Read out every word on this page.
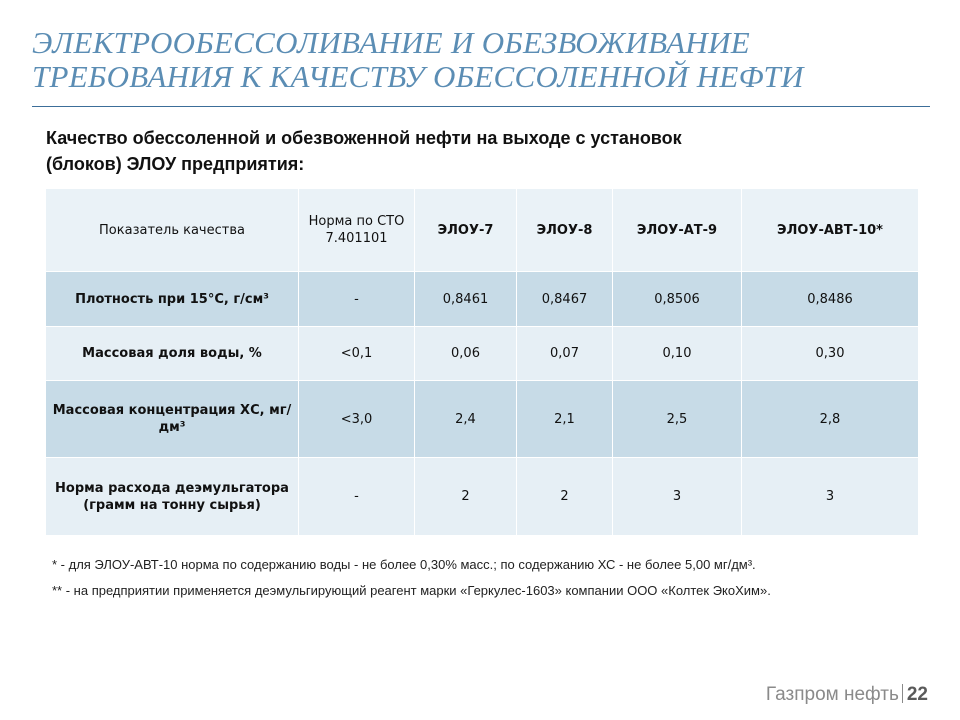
ЭЛЕКТРООБЕССОЛИВАНИЕ И ОБЕЗВОЖИВАНИЕ
ТРЕБОВАНИЯ К КАЧЕСТВУ ОБЕССОЛЕННОЙ НЕФТИ
Качество обессоленной и обезвоженной нефти на выходе с установок
(блоков) ЭЛОУ предприятия:
Показатель качества	Норма по СТО 7.401101	ЭЛОУ-7	ЭЛОУ-8	ЭЛОУ-АТ-9	ЭЛОУ-АВТ-10*
Плотность при 15°С, г/см³	-	0,8461	0,8467	0,8506	0,8486
Массовая доля воды, %	<0,1	0,06	0,07	0,10	0,30
Массовая концентрация ХС, мг/дм³	<3,0	2,4	2,1	2,5	2,8
Норма расхода деэмульгатора (грамм на тонну сырья)	-	2	2	3	3

* - для ЭЛОУ-АВТ-10 норма по содержанию воды - не более 0,30% масс.; по содержанию ХС - не более 5,00 мг/дм³.

** - на предприятии применяется деэмульгирующий реагент марки «Геркулес-1603» компании ООО «Колтек ЭкоХим».

Газпром нефть 22
